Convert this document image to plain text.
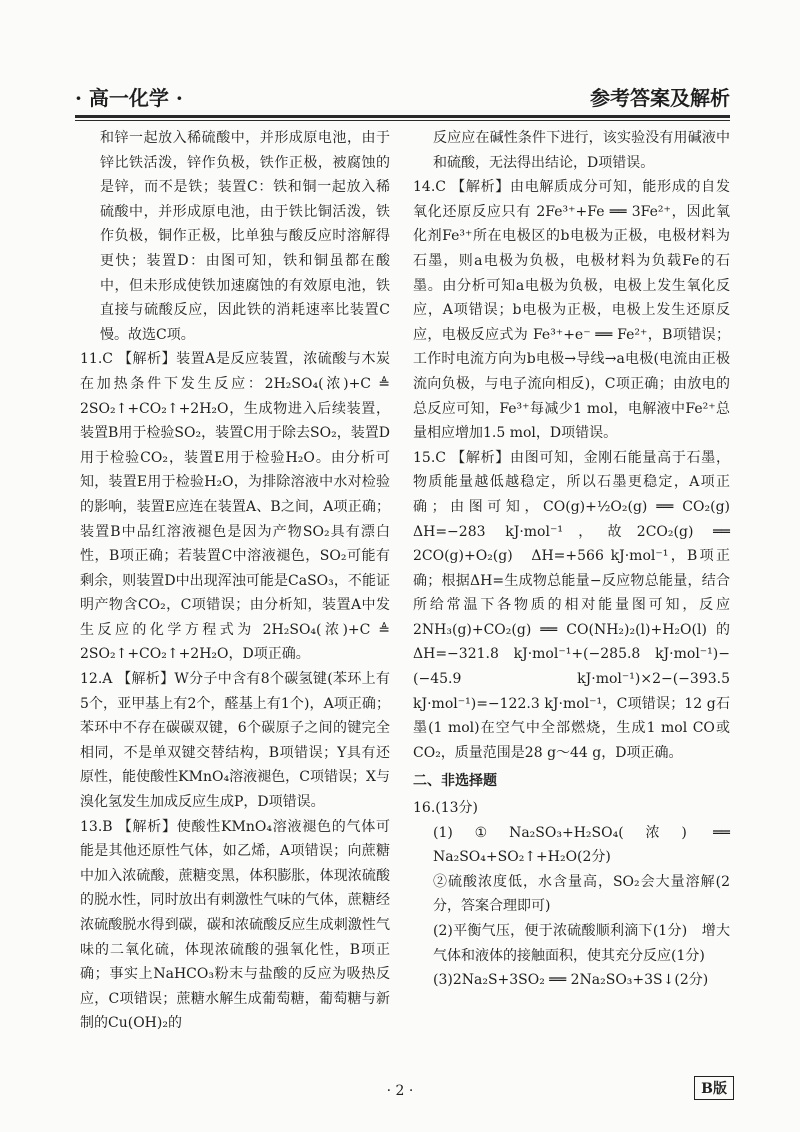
· 高一化学 ·	参考答案及解析

和锌一起放入稀硫酸中，并形成原电池，由于锌比铁活泼，锌作负极，铁作正极，被腐蚀的是锌，而不是铁；装置C：铁和铜一起放入稀硫酸中，并形成原电池，由于铁比铜活泼，铁作负极，铜作正极，比单独与酸反应时溶解得更快；装置D：由图可知，铁和铜虽都在酸中，但未形成使铁加速腐蚀的有效原电池，铁直接与硫酸反应，因此铁的消耗速率比装置C慢。故选C项。

11.C 【解析】装置A是反应装置，浓硫酸与木炭在加热条件下发生反应：2H₂SO₄(浓)+C ≜ 2SO₂↑+CO₂↑+2H₂O，生成物进入后续装置，装置B用于检验SO₂，装置C用于除去SO₂，装置D用于检验CO₂，装置E用于检验H₂O。由分析可知，装置E用于检验H₂O，为排除溶液中水对检验的影响，装置E应连在装置A、B之间，A项正确；装置B中品红溶液褪色是因为产物SO₂具有漂白性，B项正确；若装置C中溶液褪色，SO₂可能有剩余，则装置D中出现浑浊可能是CaSO₃，不能证明产物含CO₂，C项错误；由分析知，装置A中发生反应的化学方程式为 2H₂SO₄(浓)+C ≜ 2SO₂↑+CO₂↑+2H₂O，D项正确。

12.A 【解析】W分子中含有8个碳氢键(苯环上有5个，亚甲基上有2个，醛基上有1个)，A项正确；苯环中不存在碳碳双键，6个碳原子之间的键完全相同，不是单双键交替结构，B项错误；Y具有还原性，能使酸性KMnO₄溶液褪色，C项错误；X与溴化氢发生加成反应生成P，D项错误。

13.B 【解析】使酸性KMnO₄溶液褪色的气体可能是其他还原性气体，如乙烯，A项错误；向蔗糖中加入浓硫酸，蔗糖变黑，体积膨胀，体现浓硫酸的脱水性，同时放出有刺激性气味的气体，蔗糖经浓硫酸脱水得到碳，碳和浓硫酸反应生成刺激性气味的二氧化硫，体现浓硫酸的强氧化性，B项正确；事实上NaHCO₃粉末与盐酸的反应为吸热反应，C项错误；蔗糖水解生成葡萄糖，葡萄糖与新制的Cu(OH)₂的

反应应在碱性条件下进行，该实验没有用碱液中和硫酸，无法得出结论，D项错误。

14.C 【解析】由电解质成分可知，能形成的自发氧化还原反应只有 2Fe³⁺+Fe ══ 3Fe²⁺，因此氧化剂Fe³⁺所在电极区的b电极为正极，电极材料为石墨，则a电极为负极，电极材料为负载Fe的石墨。由分析可知a电极为负极，电极上发生氧化反应，A项错误；b电极为正极，电极上发生还原反应，电极反应式为 Fe³⁺+e⁻ ══ Fe²⁺，B项错误；工作时电流方向为b电极→导线→a电极(电流由正极流向负极，与电子流向相反)，C项正确；由放电的总反应可知，Fe³⁺每减少1 mol，电解液中Fe²⁺总量相应增加1.5 mol，D项错误。

15.C 【解析】由图可知，金刚石能量高于石墨，物质能量越低越稳定，所以石墨更稳定，A项正确；由图可知，CO(g)+½O₂(g) ══ CO₂(g)　ΔH=−283 kJ·mol⁻¹，故2CO₂(g) ══ 2CO(g)+O₂(g)　ΔH=+566 kJ·mol⁻¹，B项正确；根据ΔH=生成物总能量−反应物总能量，结合所给常温下各物质的相对能量图可知，反应 2NH₃(g)+CO₂(g) ══ CO(NH₂)₂(l)+H₂O(l) 的 ΔH=−321.8 kJ·mol⁻¹+(−285.8 kJ·mol⁻¹)−(−45.9 kJ·mol⁻¹)×2−(−393.5 kJ·mol⁻¹)=−122.3 kJ·mol⁻¹，C项错误；12 g石墨(1 mol)在空气中全部燃烧，生成1 mol CO或CO₂，质量范围是28 g～44 g，D项正确。

二、非选择题

16.(13分)

(1)①Na₂SO₃+H₂SO₄(浓) ══ Na₂SO₄+SO₂↑+H₂O(2分)

②硫酸浓度低，水含量高，SO₂会大量溶解(2分，答案合理即可)

(2)平衡气压，便于浓硫酸顺利滴下(1分)　增大气体和液体的接触面积，使其充分反应(1分)

(3)2Na₂S+3SO₂ ══ 2Na₂SO₃+3S↓(2分)

· 2 ·	B版
